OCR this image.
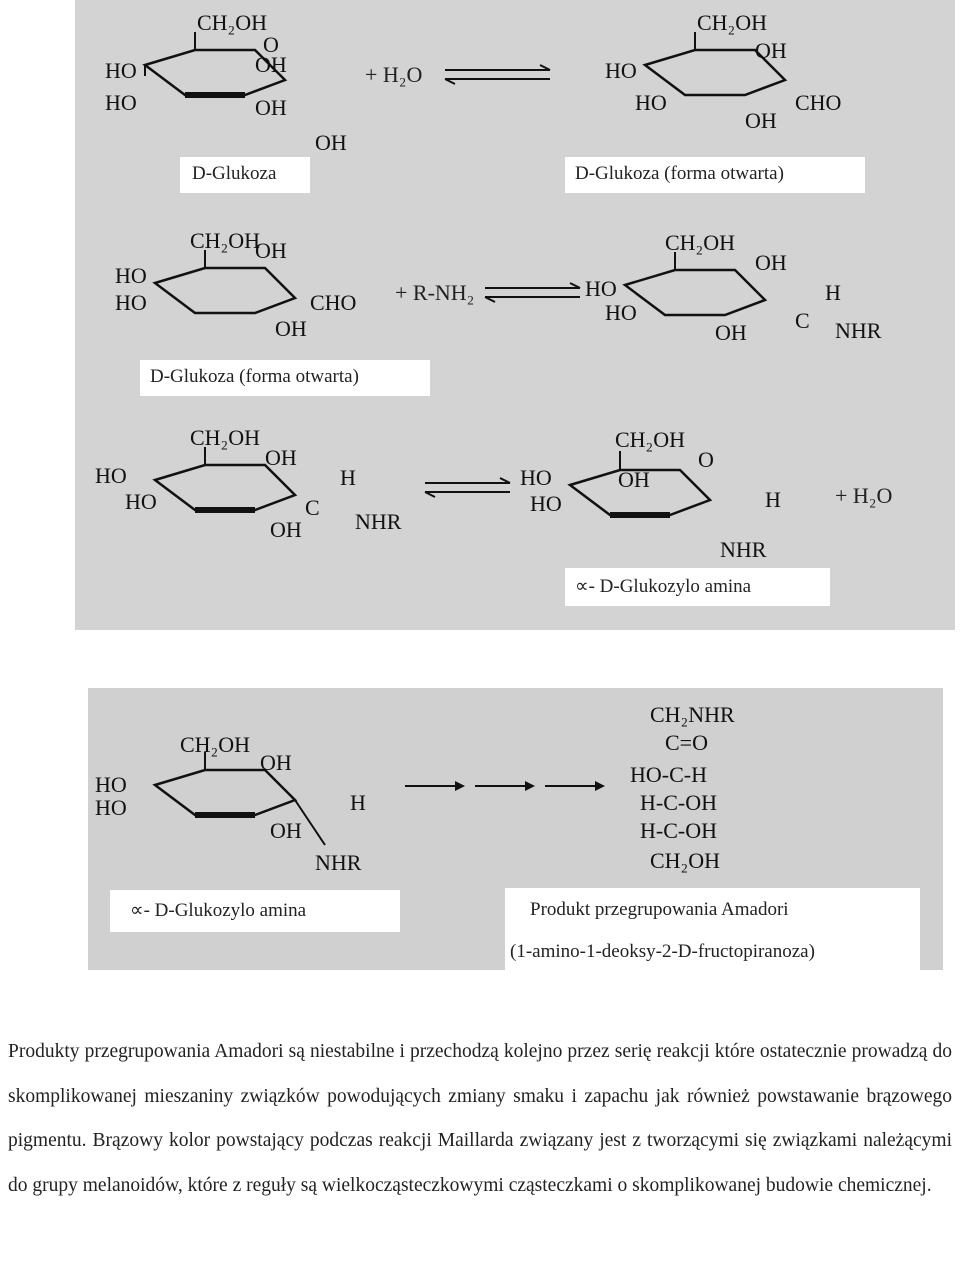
CH₂OH
O
HO
HO
OH
OH
OH
+ H₂O
CH₂OH
OH
HO
HO	CHO
OH
D-Glukoza	D-Glukoza (forma otwarta)
CH₂OH
OH
HO
HO	CHO
OH
+ R-NH₂
CH₂OH
OH
HO
HO
H
C NHR
OH
D-Glukoza (forma otwarta)
CH₂OH
OH
HO
HO
H
C
NHR
OH
CH₂OH
O
HO
HO
OH
H
NHR
+ H₂O
∝- D-Glukozylo amina
CH₂OH
OH
HO
HO	H
OH
NHR
CH₂NHR
C=O
HO-C-H
H-C-OH
H-C-OH
CH₂OH
∝- D-Glukozylo amina	Produkt przegrupowania Amadori
(1-amino-1-deoksy-2-D-fructopiranoza)

Produkty przegrupowania Amadori są niestabilne i przechodzą kolejno przez serię reakcji które ostatecznie prowadzą do skomplikowanej mieszaniny związków powodujących zmiany smaku i zapachu jak również powstawanie brązowego pigmentu. Brązowy kolor powstający podczas reakcji Maillarda związany jest z tworzącymi się związkami należącymi do grupy melanoidów, które z reguły są wielkocząsteczkowymi cząsteczkami o skomplikowanej budowie chemicznej.
